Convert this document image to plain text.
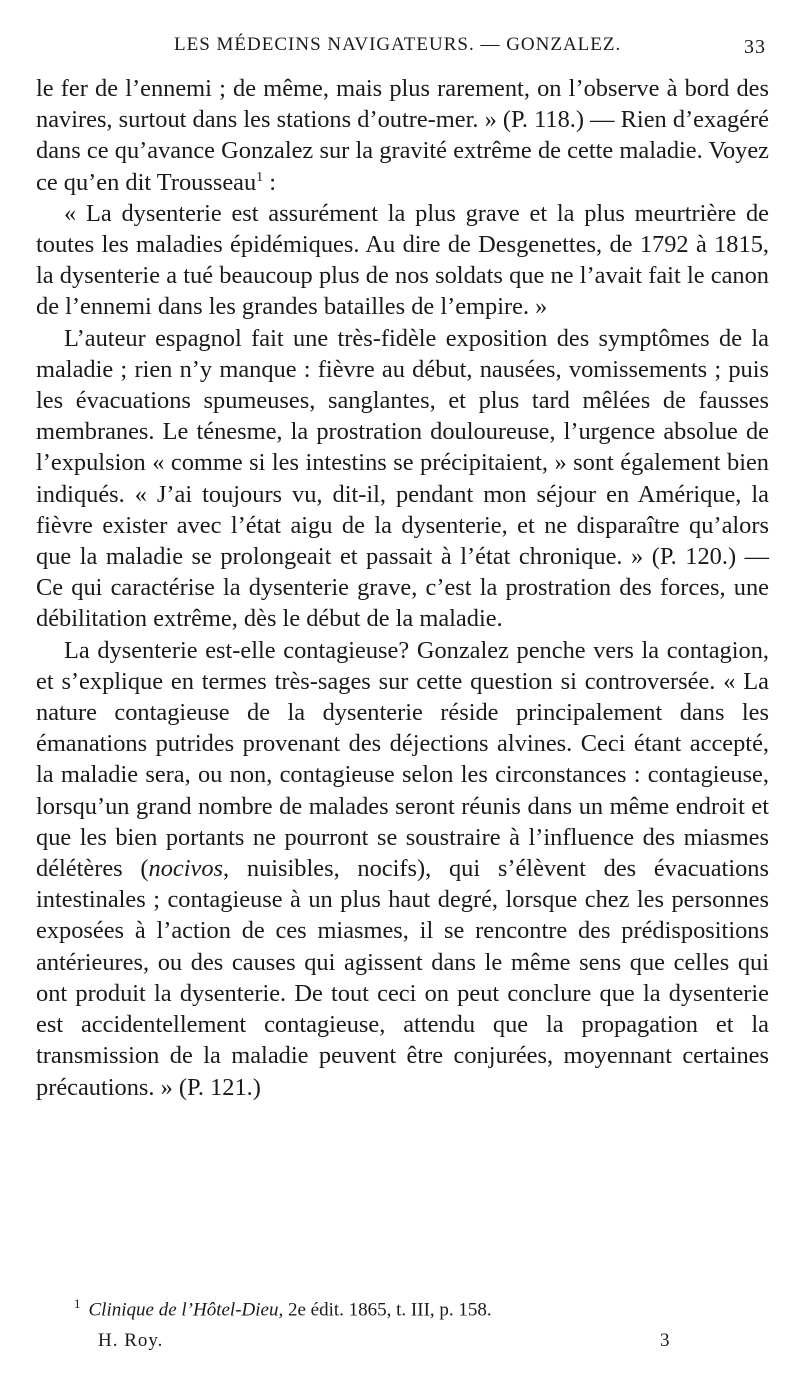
LES MÉDECINS NAVIGATEURS. — GONZALEZ.	33

le fer de l’ennemi ; de même, mais plus rarement, on l’observe à bord des navires, surtout dans les stations d’outre-mer. » (P. 118.) — Rien d’exagéré dans ce qu’avance Gonzalez sur la gravité extrême de cette maladie. Voyez ce qu’en dit Trousseau$^1$ :

« La dysenterie est assurément la plus grave et la plus meurtrière de toutes les maladies épidémiques. Au dire de Desgenettes, de 1792 à 1815, la dysenterie a tué beaucoup plus de nos soldats que ne l’avait fait le canon de l’ennemi dans les grandes batailles de l’empire. »

L’auteur espagnol fait une très-fidèle exposition des symptômes de la maladie ; rien n’y manque : fièvre au début, nausées, vomissements ; puis les évacuations spumeuses, sanglantes, et plus tard mêlées de fausses membranes. Le ténesme, la prostration douloureuse, l’urgence absolue de l’expulsion « comme si les intestins se précipitaient, » sont également bien indiqués. « J’ai toujours vu, dit-il, pendant mon séjour en Amérique, la fièvre exister avec l’état aigu de la dysenterie, et ne disparaître qu’alors que la maladie se prolongeait et passait à l’état chronique. » (P. 120.) — Ce qui caractérise la dysenterie grave, c’est la prostration des forces, une débilitation extrême, dès le début de la maladie.

La dysenterie est-elle contagieuse? Gonzalez penche vers la contagion, et s’explique en termes très-sages sur cette question si controversée. « La nature contagieuse de la dysenterie réside principalement dans les émanations putrides provenant des déjections alvines. Ceci étant accepté, la maladie sera, ou non, contagieuse selon les circonstances : contagieuse, lorsqu’un grand nombre de malades seront réunis dans un même endroit et que les bien portants ne pourront se soustraire à l’influence des miasmes délétères (nocivos, nuisibles, nocifs), qui s’élèvent des évacuations intestinales ; contagieuse à un plus haut degré, lorsque chez les personnes exposées à l’action de ces miasmes, il se rencontre des prédispositions antérieures, ou des causes qui agissent dans le même sens que celles qui ont produit la dysenterie. De tout ceci on peut conclure que la dysenterie est accidentellement contagieuse, attendu que la propagation et la transmission de la maladie peuvent être conjurées, moyennant certaines précautions. » (P. 121.)

$^1$ Clinique de l’Hôtel-Dieu, 2e édit. 1865, t. III, p. 158.
H. Roy.	3
